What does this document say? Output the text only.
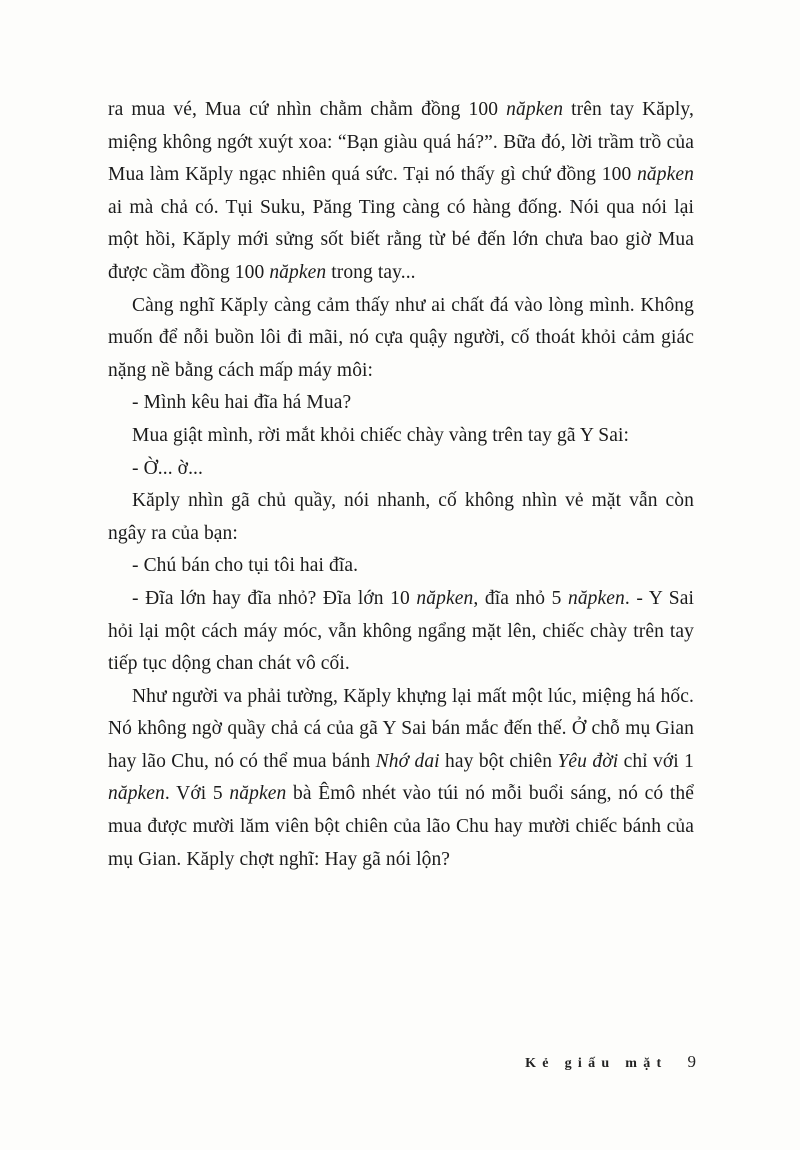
ra mua vé, Mua cứ nhìn chằm chằm đồng 100 năpken trên tay Kăply, miệng không ngớt xuýt xoa: “Bạn giàu quá há?”. Bữa đó, lời trầm trồ của Mua làm Kăply ngạc nhiên quá sức. Tại nó thấy gì chứ đồng 100 năpken ai mà chả có. Tụi Suku, Păng Ting càng có hàng đống. Nói qua nói lại một hồi, Kăply mới sửng sốt biết rằng từ bé đến lớn chưa bao giờ Mua được cầm đồng 100 năpken trong tay...

Càng nghĩ Kăply càng cảm thấy như ai chất đá vào lòng mình. Không muốn để nỗi buồn lôi đi mãi, nó cựa quậy người, cố thoát khỏi cảm giác nặng nề bằng cách mấp máy môi:

- Mình kêu hai đĩa há Mua?

Mua giật mình, rời mắt khỏi chiếc chày vàng trên tay gã Y Sai:

- Ờ... ờ...

Kăply nhìn gã chủ quầy, nói nhanh, cố không nhìn vẻ mặt vẫn còn ngây ra của bạn:

- Chú bán cho tụi tôi hai đĩa.

- Đĩa lớn hay đĩa nhỏ? Đĩa lớn 10 năpken, đĩa nhỏ 5 năpken. - Y Sai hỏi lại một cách máy móc, vẫn không ngẩng mặt lên, chiếc chày trên tay tiếp tục dộng chan chát vô cối.

Như người va phải tường, Kăply khựng lại mất một lúc, miệng há hốc. Nó không ngờ quầy chả cá của gã Y Sai bán mắc đến thế. Ở chỗ mụ Gian hay lão Chu, nó có thể mua bánh Nhớ dai hay bột chiên Yêu đời chỉ với 1 năpken. Với 5 năpken bà Êmô nhét vào túi nó mỗi buổi sáng, nó có thể mua được mười lăm viên bột chiên của lão Chu hay mười chiếc bánh của mụ Gian. Kăply chợt nghĩ: Hay gã nói lộn?

Kẻ giấu mặt 9
